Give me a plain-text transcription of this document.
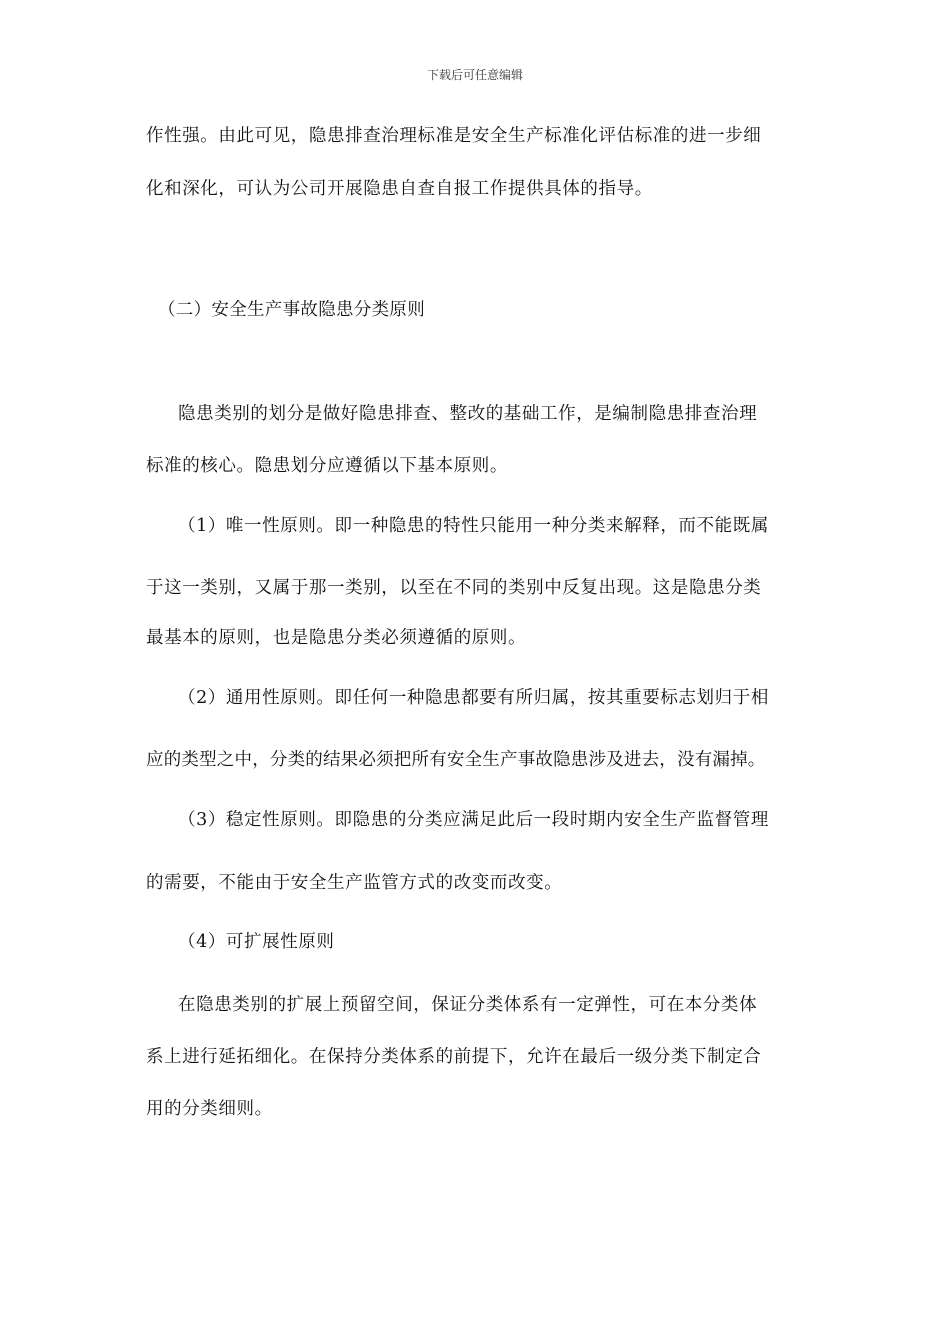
下载后可任意编辑
作性强。由此可见，隐患排查治理标准是安全生产标准化评估标准的进一步细
化和深化，可认为公司开展隐患自查自报工作提供具体的指导。
（二）安全生产事故隐患分类原则
隐患类别的划分是做好隐患排查、整改的基础工作，是编制隐患排查治理
标准的核心。隐患划分应遵循以下基本原则。
（1）唯一性原则。即一种隐患的特性只能用一种分类来解释，而不能既属
于这一类别，又属于那一类别，以至在不同的类别中反复出现。这是隐患分类
最基本的原则，也是隐患分类必须遵循的原则。
（2）通用性原则。即任何一种隐患都要有所归属，按其重要标志划归于相
应的类型之中，分类的结果必须把所有安全生产事故隐患涉及进去，没有漏掉。
（3）稳定性原则。即隐患的分类应满足此后一段时期内安全生产监督管理
的需要，不能由于安全生产监管方式的改变而改变。
（4）可扩展性原则
在隐患类别的扩展上预留空间，保证分类体系有一定弹性，可在本分类体
系上进行延拓细化。在保持分类体系的前提下，允许在最后一级分类下制定合
用的分类细则。
